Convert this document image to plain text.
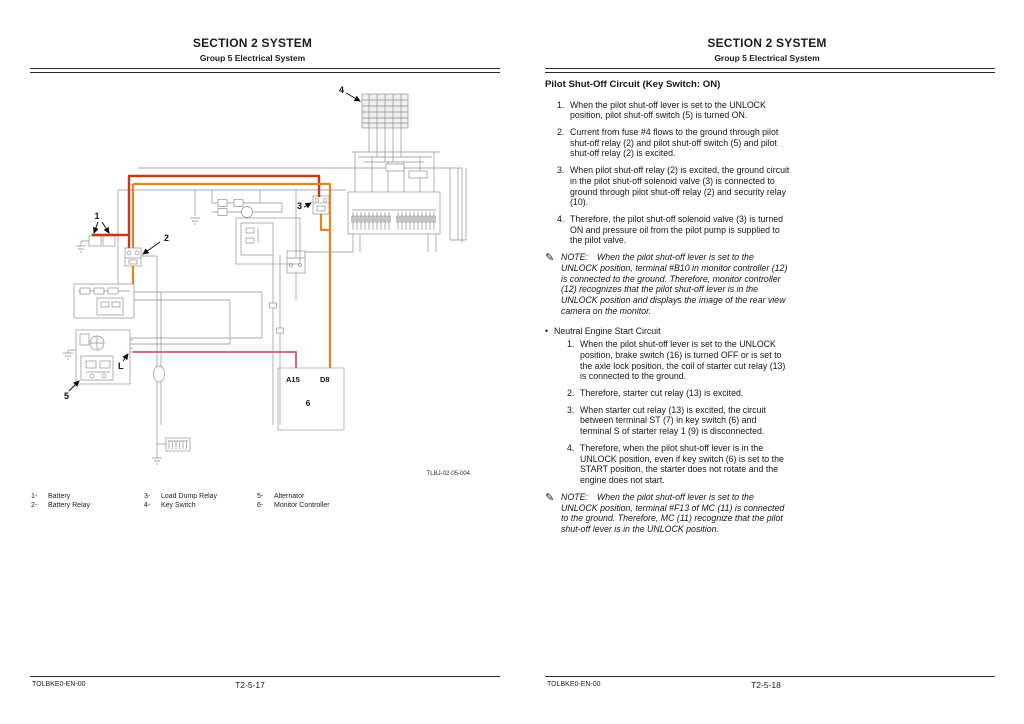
SECTION 2 SYSTEM
Group 5 Electrical System
1
2
3
4
5
L
A15	D8
6
TLBJ-02-05-004
1-	Battery
2-	Battery Relay
3-	Load Dump Relay
4-	Key Switch
5-	Alternator
6-	Monitor Controller
TOLBKE0-EN-00	T2-5-17
SECTION 2 SYSTEM
Group 5 Electrical System
Pilot Shut-Off Circuit (Key Switch: ON)
1. When the pilot shut-off lever is set to the UNLOCK position, pilot shut-off switch (5) is turned ON.
2. Current from fuse #4 flows to the ground through pilot shut-off relay (2) and pilot shut-off switch (5) and pilot shut-off relay (2) is excited.
3. When pilot shut-off relay (2) is excited, the ground circuit in the pilot shut-off solenoid valve (3) is connected to ground through pilot shut-off relay (2) and security relay (10).
4. Therefore, the pilot shut-off solenoid valve (3) is turned ON and pressure oil from the pilot pump is supplied to the pilot valve.
✎ NOTE: When the pilot shut-off lever is set to the UNLOCK position, terminal #B10 in monitor controller (12) is connected to the ground. Therefore, monitor controller (12) recognizes that the pilot shut-off lever is in the UNLOCK position and displays the image of the rear view camera on the monitor.
• Neutral Engine Start Circuit
1. When the pilot shut-off lever is set to the UNLOCK position, brake switch (16) is turned OFF or is set to the axle lock position, the coil of starter cut relay (13) is connected to the ground.
2. Therefore, starter cut relay (13) is excited.
3. When starter cut relay (13) is excited, the circuit between terminal ST (7) in key switch (6) and terminal S of starter relay 1 (9) is disconnected.
4. Therefore, when the pilot shut-off lever is in the UNLOCK position, even if key switch (6) is set to the START position, the starter does not rotate and the engine does not start.
✎ NOTE: When the pilot shut-off lever is set to the UNLOCK position, terminal #F13 of MC (11) is connected to the ground. Therefore, MC (11) recognize that the pilot shut-off lever is in the UNLOCK position.
TOLBKE0-EN-00	T2-5-18
